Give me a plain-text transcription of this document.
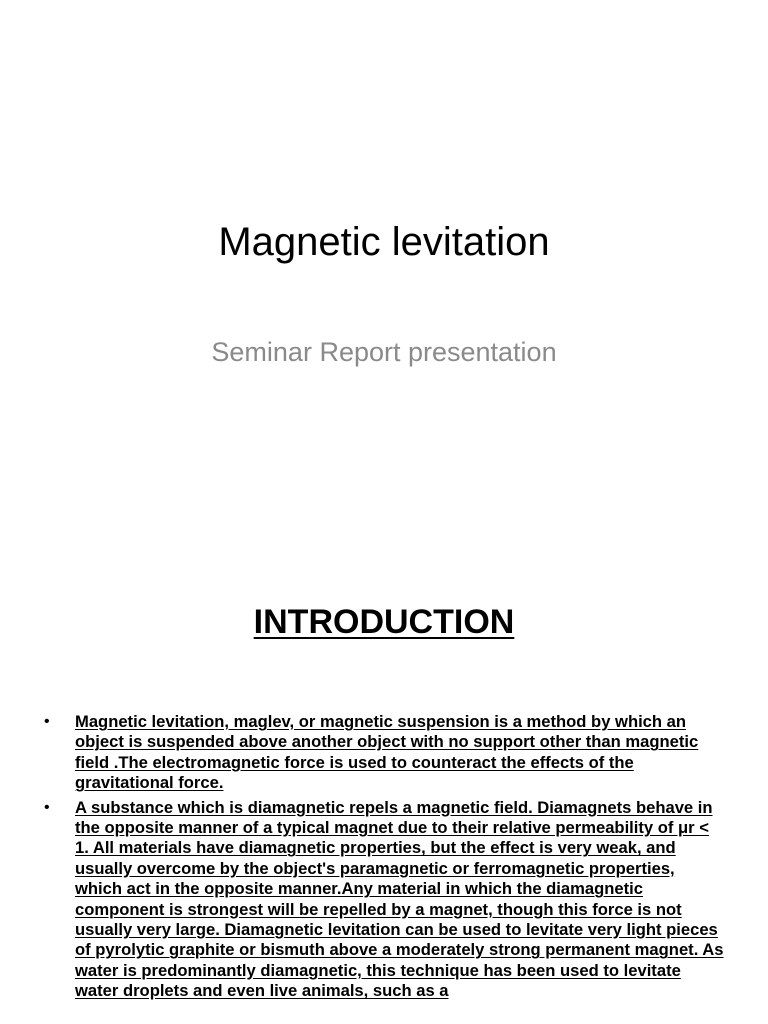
Magnetic levitation
Seminar Report presentation
INTRODUCTION
• Magnetic levitation, maglev, or magnetic suspension is a method by which an object is suspended above another object with no support other than magnetic field .The electromagnetic force is used to counteract the effects of the gravitational force.
• A substance which is diamagnetic repels a magnetic field. Diamagnets behave in the opposite manner of a typical magnet due to their relative permeability of μr < 1. All materials have diamagnetic properties, but the effect is very weak, and usually overcome by the object's paramagnetic or ferromagnetic properties, which act in the opposite manner.Any material in which the diamagnetic component is strongest will be repelled by a magnet, though this force is not usually very large. Diamagnetic levitation can be used to levitate very light pieces of pyrolytic graphite or bismuth above a moderately strong permanent magnet. As water is predominantly diamagnetic, this technique has been used to levitate water droplets and even live animals, such as a
